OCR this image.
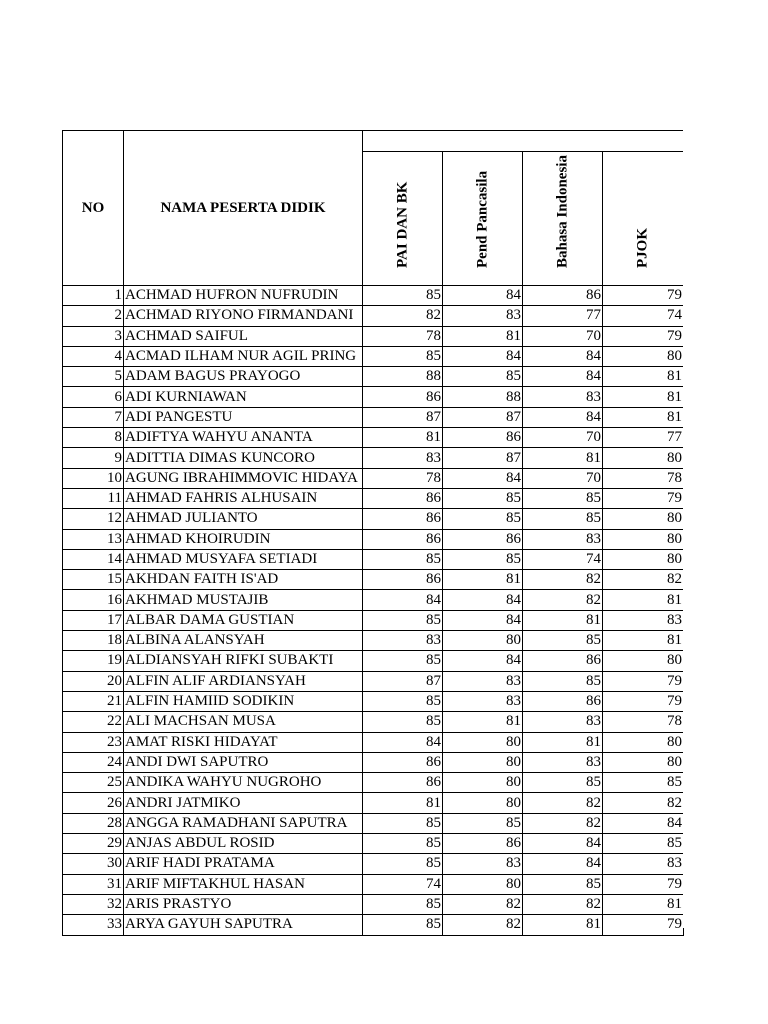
NO	NAMA PESERTA DIDIK				

		PAI DAN BK	Pend Pancasila	Bahasa Indonesia	PJOK

1	ACHMAD HUFRON NUFRUDIN	85	84	86	79
2	ACHMAD RIYONO FIRMANDANI	82	83	77	74
3	ACHMAD SAIFUL	78	81	70	79
4	ACMAD ILHAM NUR AGIL PRING	85	84	84	80
5	ADAM BAGUS PRAYOGO	88	85	84	81
6	ADI KURNIAWAN	86	88	83	81
7	ADI PANGESTU	87	87	84	81
8	ADIFTYA WAHYU ANANTA	81	86	70	77
9	ADITTIA DIMAS KUNCORO	83	87	81	80
10	AGUNG IBRAHIMMOVIC HIDAYA	78	84	70	78
11	AHMAD FAHRIS ALHUSAIN	86	85	85	79
12	AHMAD JULIANTO	86	85	85	80
13	AHMAD KHOIRUDIN	86	86	83	80
14	AHMAD MUSYAFA SETIADI	85	85	74	80
15	AKHDAN FAITH IS'AD	86	81	82	82
16	AKHMAD MUSTAJIB	84	84	82	81
17	ALBAR DAMA GUSTIAN	85	84	81	83
18	ALBINA ALANSYAH	83	80	85	81
19	ALDIANSYAH RIFKI SUBAKTI	85	84	86	80
20	ALFIN ALIF ARDIANSYAH	87	83	85	79
21	ALFIN HAMIID SODIKIN	85	83	86	79
22	ALI MACHSAN MUSA	85	81	83	78
23	AMAT RISKI HIDAYAT	84	80	81	80
24	ANDI DWI SAPUTRO	86	80	83	80
25	ANDIKA WAHYU NUGROHO	86	80	85	85
26	ANDRI JATMIKO	81	80	82	82
28	ANGGA RAMADHANI SAPUTRA	85	85	82	84
29	ANJAS ABDUL ROSID	85	86	84	85
30	ARIF HADI PRATAMA	85	83	84	83
31	ARIF MIFTAKHUL HASAN	74	80	85	79
32	ARIS PRASTYO	85	82	82	81
33	ARYA GAYUH SAPUTRA	85	82	81	79
